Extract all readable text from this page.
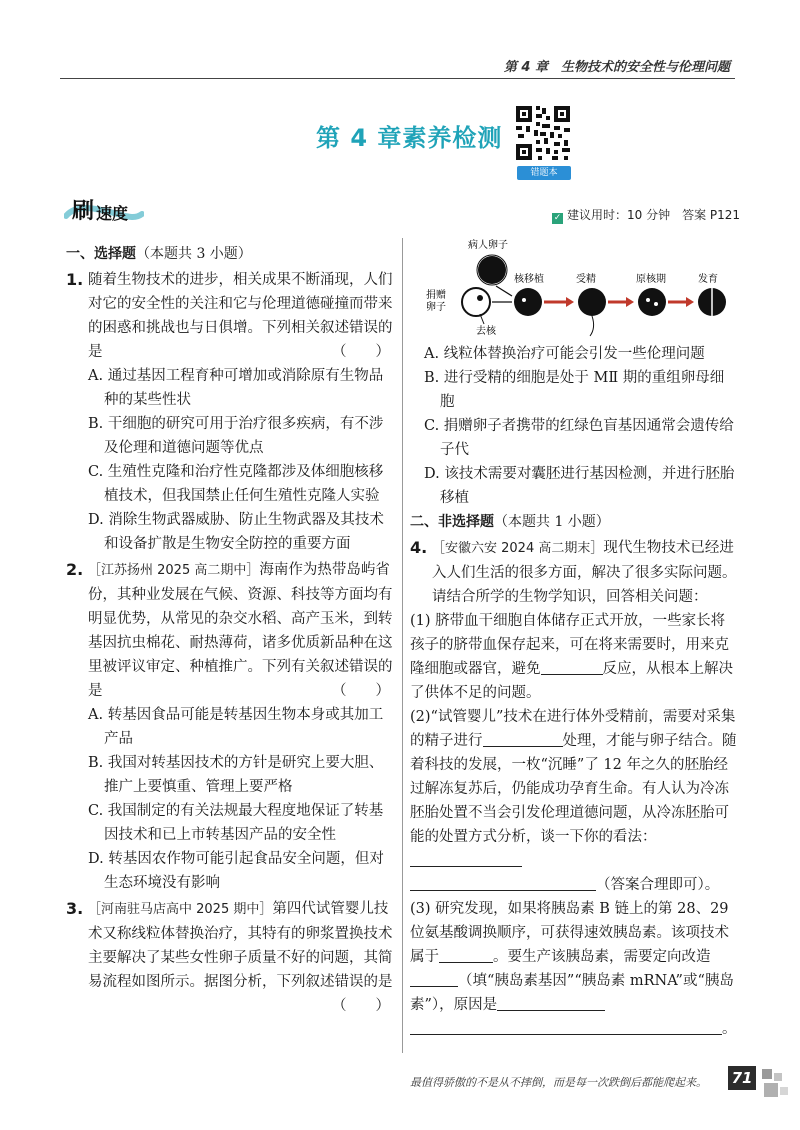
第 4 章　生物技术的安全性与伦理问题
第 4 章素养检测
错题本
刷 速度	✓ 建议用时：10 分钟　 答案 P121
一、选择题（本题共 3 小题）
1. 随着生物技术的进步，相关成果不断涌现，人们对它的安全性的关注和它与伦理道德碰撞而带来的困惑和挑战也与日俱增。下列相关叙述错误的是	（　　）
A. 通过基因工程育种可增加或消除原有生物品种的某些性状
B. 干细胞的研究可用于治疗很多疾病，有不涉及伦理和道德问题等优点
C. 生殖性克隆和治疗性克隆都涉及体细胞核移植技术，但我国禁止任何生殖性克隆人实验
D. 消除生物武器威胁、防止生物武器及其技术和设备扩散是生物安全防控的重要方面
2. ［江苏扬州 2025 高二期中］海南作为热带岛屿省份，其种业发展在气候、资源、科技等方面均有明显优势，从常见的杂交水稻、高产玉米，到转基因抗虫棉花、耐热薄荷，诸多优质新品种在这里被评议审定、种植推广。下列有关叙述错误的是	（　　）
A. 转基因食品可能是转基因生物本身或其加工产品
B. 我国对转基因技术的方针是研究上要大胆、推广上要慎重、管理上要严格
C. 我国制定的有关法规最大程度地保证了转基因技术和已上市转基因产品的安全性
D. 转基因农作物可能引起食品安全问题，但对生态环境没有影响
3. ［河南驻马店高中 2025 期中］第四代试管婴儿技术又称线粒体替换治疗，其特有的卵浆置换技术主要解决了某些女性卵子质量不好的问题，其简易流程如图所示。据图分析，下列叙述错误的是
（　　）
病人卵子
捐赠
卵子
去核
核移植	受精	原核期	发育
A. 线粒体替换治疗可能会引发一些伦理问题
B. 进行受精的细胞是处于 MⅡ 期的重组卵母细胞
C. 捐赠卵子者携带的红绿色盲基因通常会遗传给子代
D. 该技术需要对囊胚进行基因检测，并进行胚胎移植
二、非选择题（本题共 1 小题）
4. ［安徽六安 2024 高二期末］现代生物技术已经进入人们生活的很多方面，解决了很多实际问题。请结合所学的生物学知识，回答相关问题：
(1) 脐带血干细胞自体储存正式开放，一些家长将孩子的脐带血保存起来，可在将来需要时，用来克隆细胞或器官，避免	反应，从根本上解决了供体不足的问题。
(2)“试管婴儿”技术在进行体外受精前，需要对采集的精子进行	处理，才能与卵子结合。随着科技的发展，一枚“沉睡”了 12 年之久的胚胎经过解冻复苏后，仍能成功孕育生命。有人认为冷冻胚胎处置不当会引发伦理道德问题，从冷冻胚胎可能的处置方式分析，谈一下你的看法：
（答案合理即可）。
(3) 研究发现，如果将胰岛素 B 链上的第 28、29 位氨基酸调换顺序，可获得速效胰岛素。该项技术属于	。要生产该胰岛素，需要定向改造（填“胰岛素基因”“胰岛素 mRNA”或“胰岛素”），原因是
。
最值得骄傲的不是从不摔倒，而是每一次跌倒后都能爬起来。 71
